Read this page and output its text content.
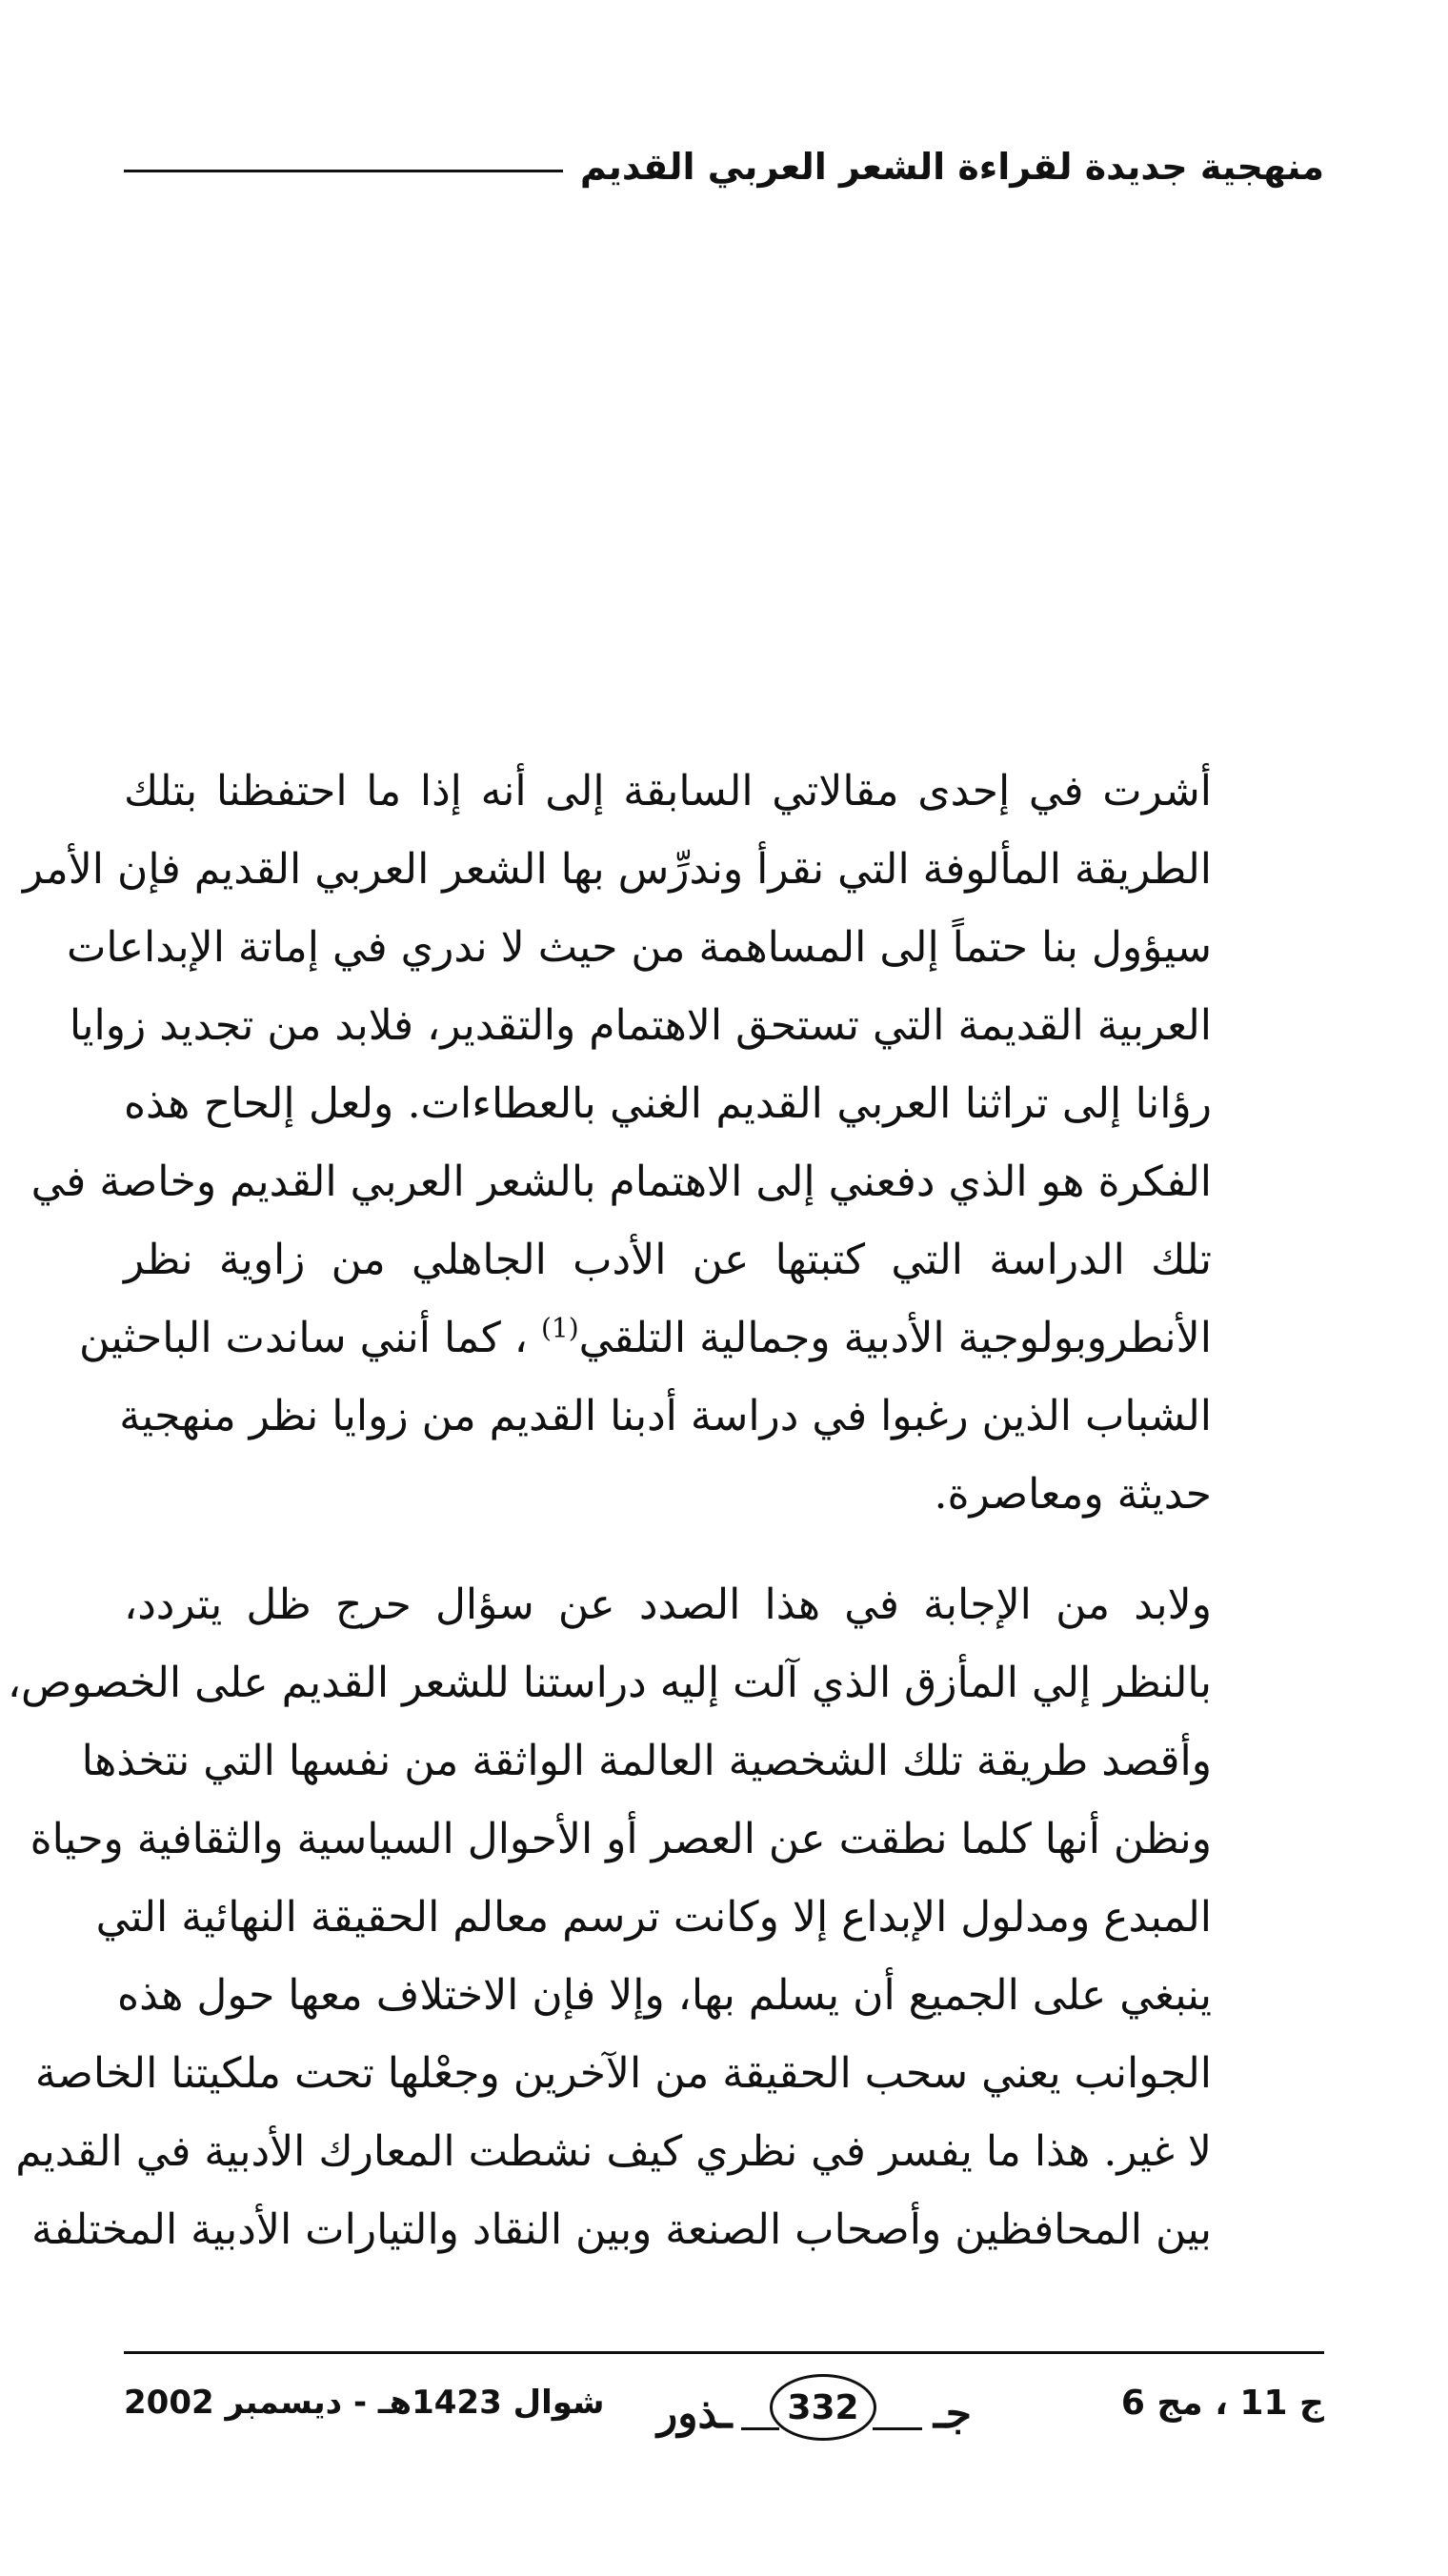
منهجية جديدة لقراءة الشعر العربي القديم

أشرت في إحدى مقالاتي السابقة إلى أنه إذا ما احتفظنا بتلك
الطريقة المألوفة التي نقرأ وندرِّس بها الشعر العربي القديم فإن الأمر
سيؤول بنا حتماً إلى المساهمة من حيث لا ندري في إماتة الإبداعات
العربية القديمة التي تستحق الاهتمام والتقدير، فلابد من تجديد زوايا
رؤانا إلى تراثنا العربي القديم الغني بالعطاءات. ولعل إلحاح هذه
الفكرة هو الذي دفعني إلى الاهتمام بالشعر العربي القديم وخاصة في
تلك الدراسة التي كتبتها عن الأدب الجاهلي من زاوية نظر
الأنطروبولوجية الأدبية وجمالية التلقي$^{(1)}$ ، كما أنني ساندت الباحثين
الشباب الذين رغبوا في دراسة أدبنا القديم من زوايا نظر منهجية
حديثة ومعاصرة.

ولابد من الإجابة في هذا الصدد عن سؤال حرج ظل يتردد،
بالنظر إلي المأزق الذي آلت إليه دراستنا للشعر القديم على الخصوص،
وأقصد طريقة تلك الشخصية العالمة الواثقة من نفسها التي نتخذها
ونظن أنها كلما نطقت عن العصر أو الأحوال السياسية والثقافية وحياة
المبدع ومدلول الإبداع إلا وكانت ترسم معالم الحقيقة النهائية التي
ينبغي على الجميع أن يسلم بها، وإلا فإن الاختلاف معها حول هذه
الجوانب يعني سحب الحقيقة من الآخرين وجعْلها تحت ملكيتنا الخاصة
لا غير. هذا ما يفسر في نظري كيف نشطت المعارك الأدبية في القديم
بين المحافظين وأصحاب الصنعة وبين النقاد والتيارات الأدبية المختلفة

ج 11 ، مج 6
جـ
332
ـذور
شوال 1423هـ - ديسمبر 2002
